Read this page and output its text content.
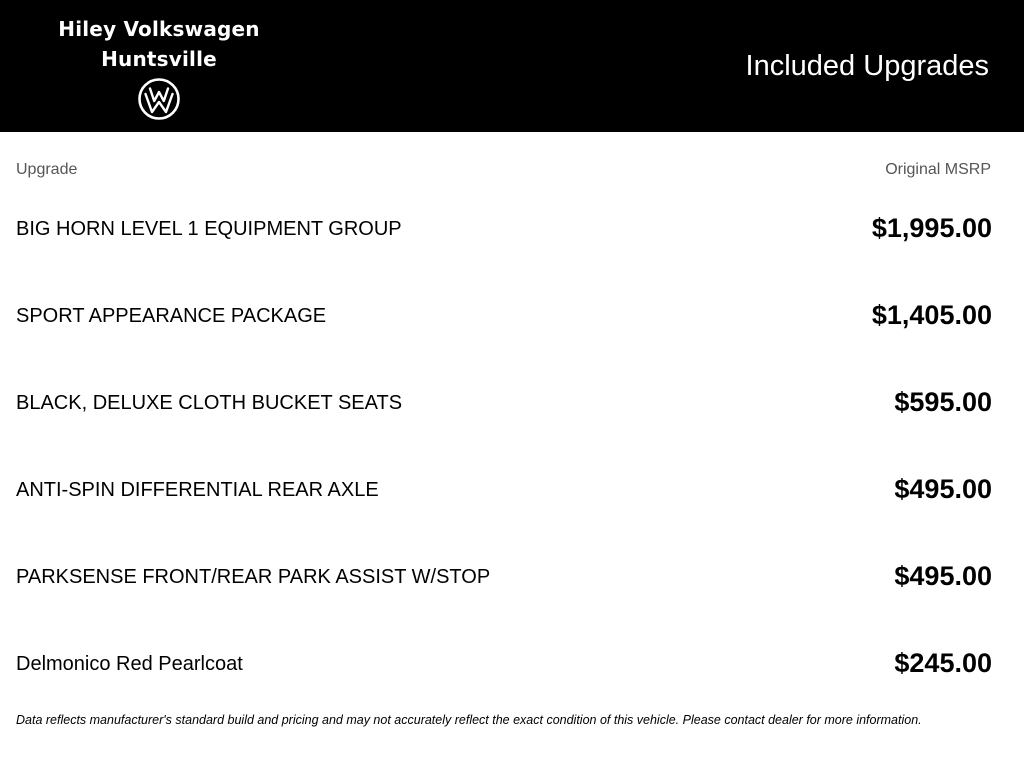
Hiley Volkswagen
Huntsville	Included Upgrades
Upgrade	Original MSRP
BIG HORN LEVEL 1 EQUIPMENT GROUP	$1,995.00
SPORT APPEARANCE PACKAGE	$1,405.00
BLACK, DELUXE CLOTH BUCKET SEATS	$595.00
ANTI-SPIN DIFFERENTIAL REAR AXLE	$495.00
PARKSENSE FRONT/REAR PARK ASSIST W/STOP	$495.00
Delmonico Red Pearlcoat	$245.00
Data reflects manufacturer's standard build and pricing and may not accurately reflect the exact condition of this vehicle. Please contact dealer for more information.
